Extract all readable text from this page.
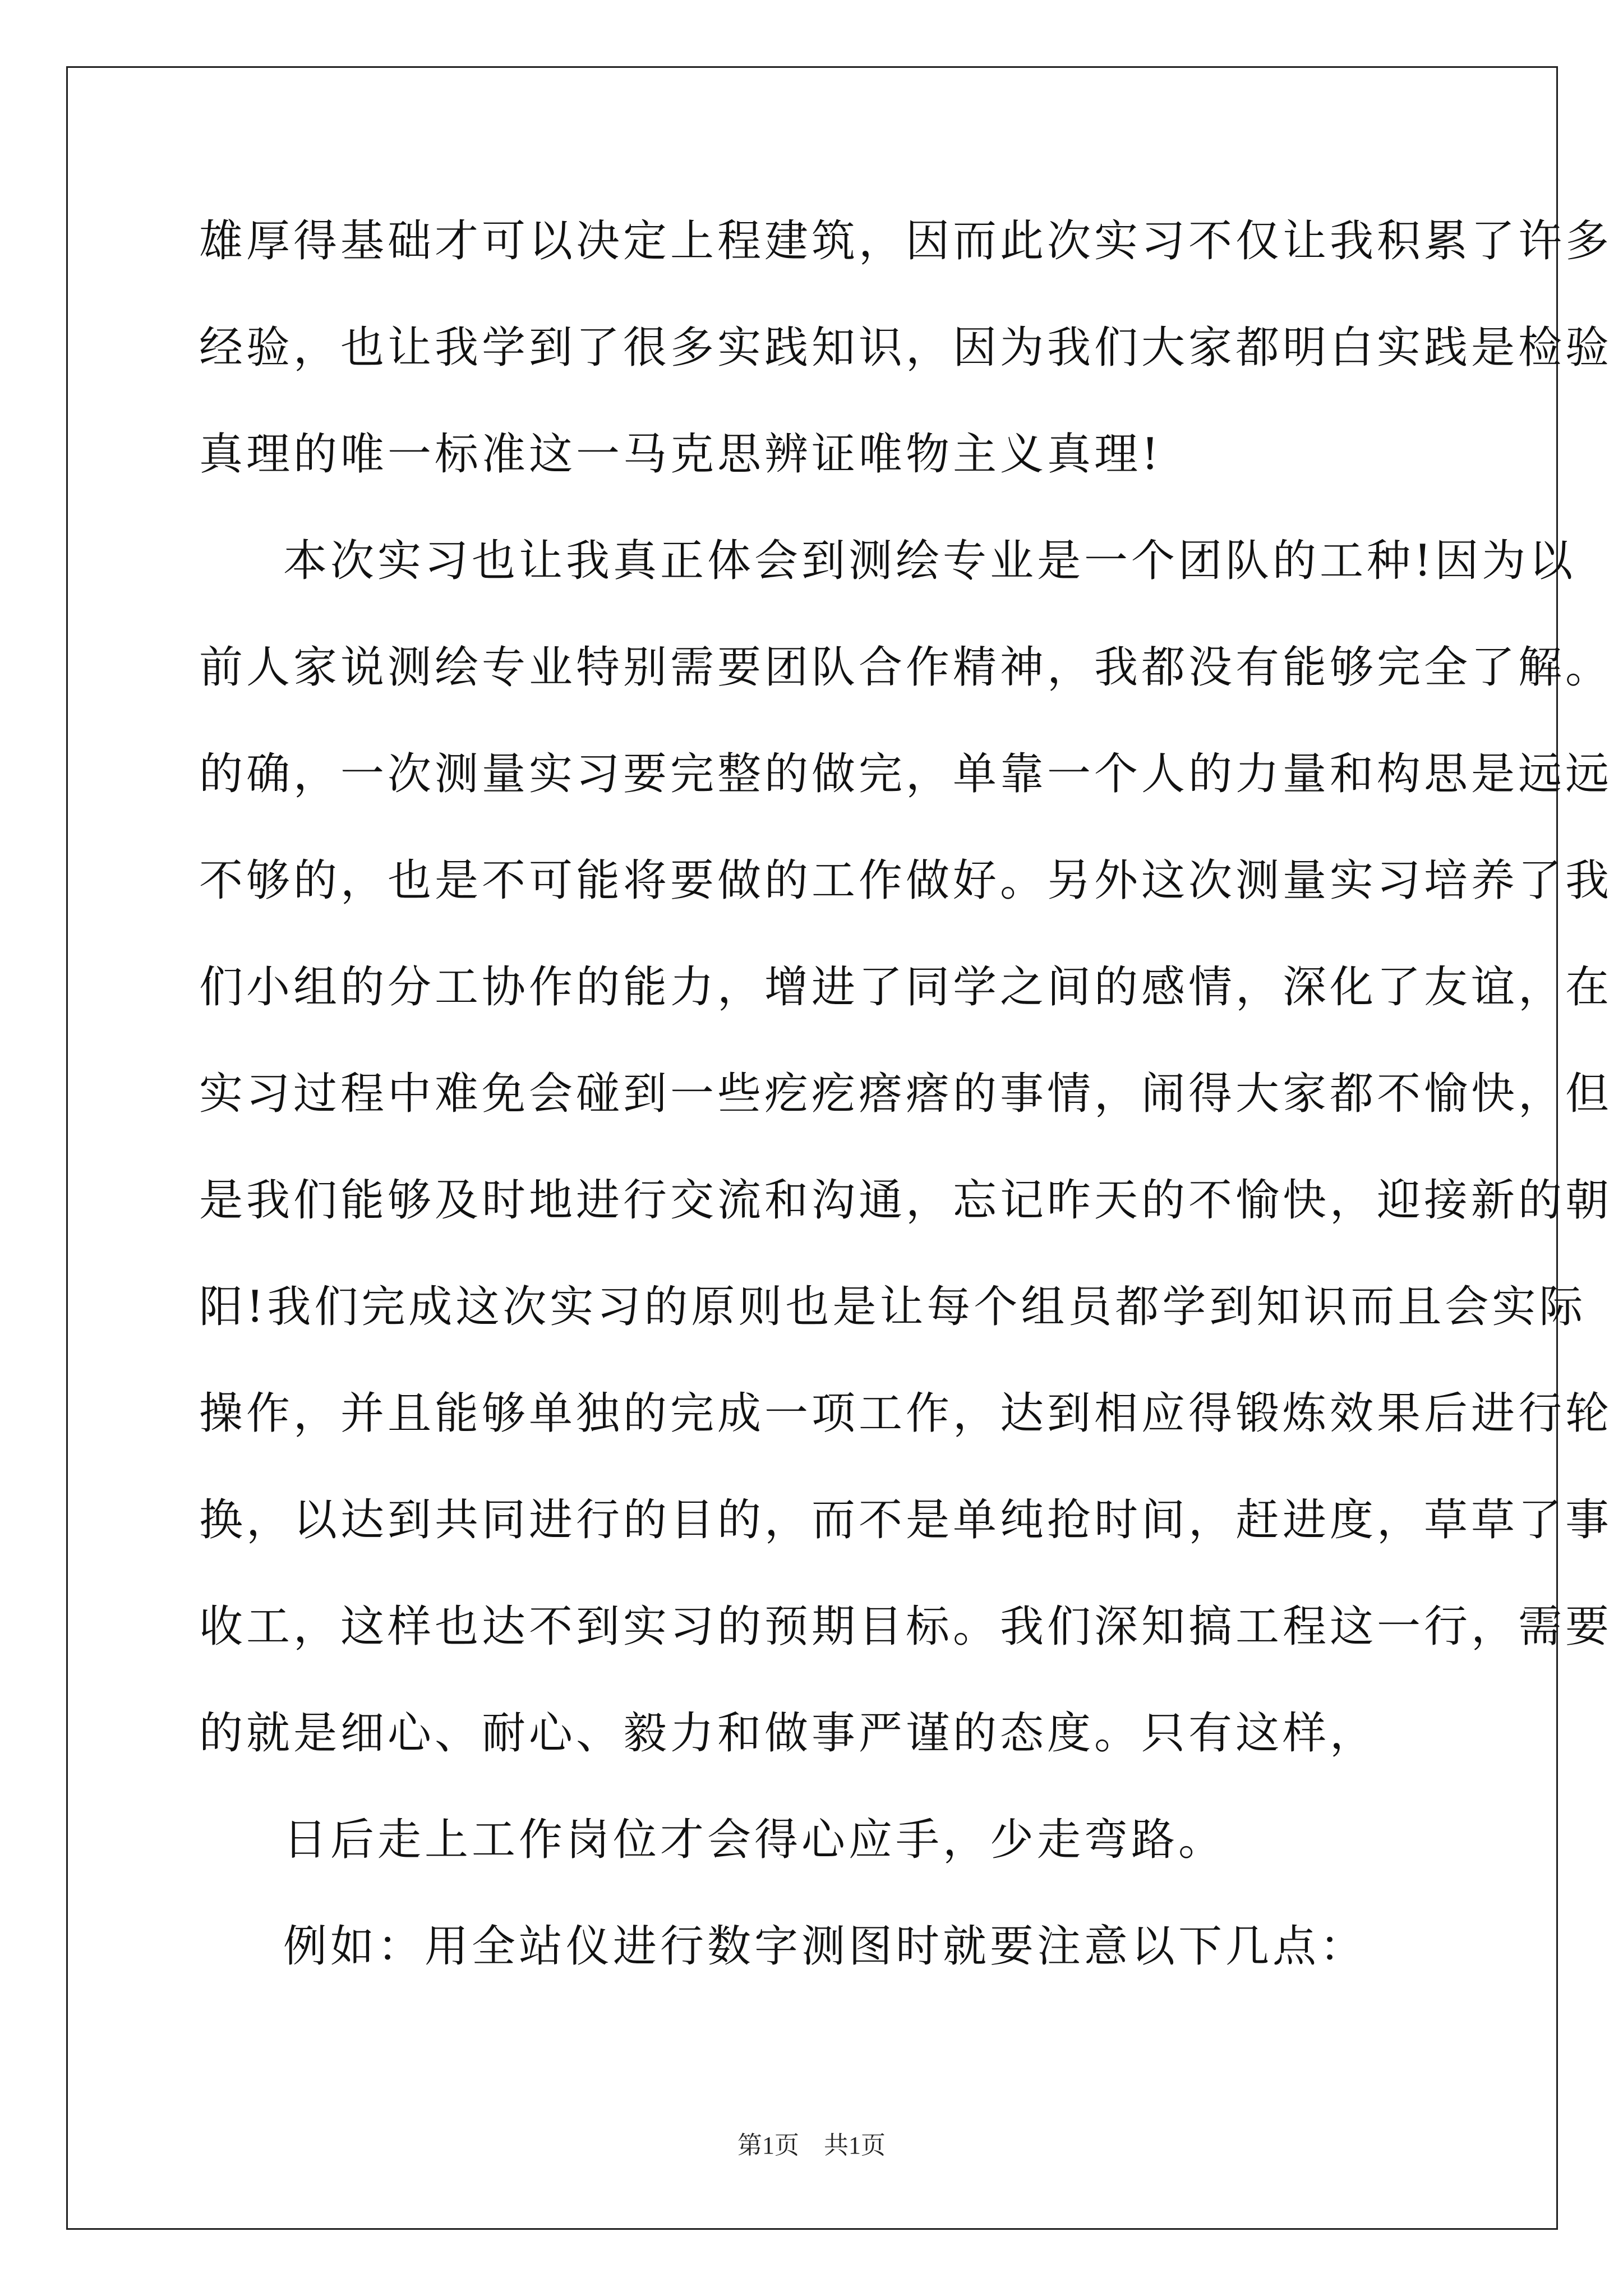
雄厚得基础才可以决定上程建筑，因而此次实习不仅让我积累了许多
经验，也让我学到了很多实践知识，因为我们大家都明白实践是检验
真理的唯一标准这一马克思辨证唯物主义真理!
本次实习也让我真正体会到测绘专业是一个团队的工种!因为以
前人家说测绘专业特别需要团队合作精神，我都没有能够完全了解。
的确，一次测量实习要完整的做完，单靠一个人的力量和构思是远远
不够的，也是不可能将要做的工作做好。另外这次测量实习培养了我
们小组的分工协作的能力，增进了同学之间的感情，深化了友谊，在
实习过程中难免会碰到一些疙疙瘩瘩的事情，闹得大家都不愉快，但
是我们能够及时地进行交流和沟通，忘记昨天的不愉快，迎接新的朝
阳!我们完成这次实习的原则也是让每个组员都学到知识而且会实际
操作，并且能够单独的完成一项工作，达到相应得锻炼效果后进行轮
换，以达到共同进行的目的，而不是单纯抢时间，赶进度，草草了事
收工，这样也达不到实习的预期目标。我们深知搞工程这一行，需要
的就是细心、耐心、毅力和做事严谨的态度。只有这样，
日后走上工作岗位才会得心应手，少走弯路。
例如：用全站仪进行数字测图时就要注意以下几点：
第1页　共1页
